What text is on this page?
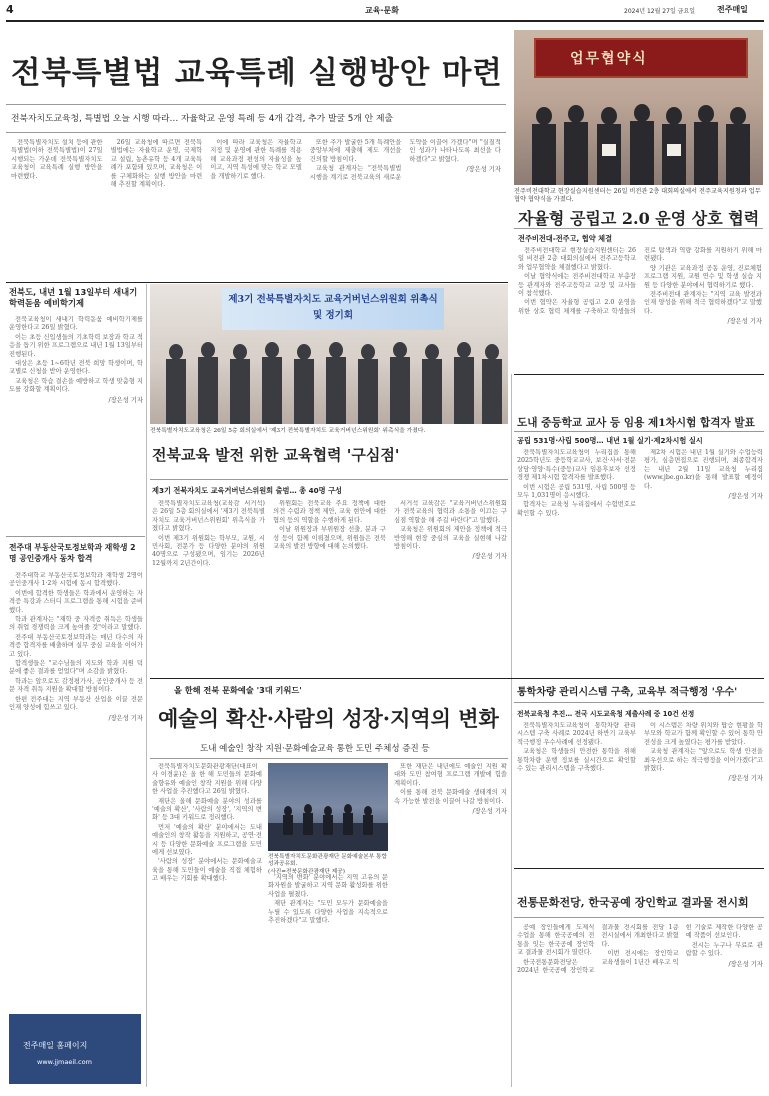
4	교육·문화	2024년 12월 27일 금요일	전주매일
전북특별법 교육특례 실행방안 마련
전북자치도교육청, 특별법 오늘 시행 따라… 자율학교 운영 특례 등 4개 갑격, 추가 발굴 5개 안 제출

전북특별자치도 설치 등에 관한 특별법(이하 전북특별법)이 27일 시행되는 가운데 전북특별자치도교육청이 교육특례 실행 방안을 마련했다.

26일 교육청에 따르면 전북특별법에는 자율학교 운영, 국제학교 설립, 농촌유학 등 4개 교육특례가 포함돼 있으며, 교육청은 이를 구체화하는 실행 방안을 마련해 추진할 계획이다.

이에 따라 교육청은 자율학교 지정 및 운영에 관한 특례를 적용해 교육과정 편성의 자율성을 높이고, 지역 특성에 맞는 학교 모델을 개발하기로 했다.

또한 추가 발굴한 5개 특례안을 중앙부처에 제출해 제도 개선을 건의할 방침이다.

교육청 관계자는 "전북특별법 시행을 계기로 전북교육의 새로운 도약을 이끌어 가겠다"며 "실질적인 성과가 나타나도록 최선을 다하겠다"고 밝혔다.

/장은성 기자
업무협약식
전주비전대학교 현장실습지원센터는 26일 비전관 2층 대회의실에서 전주교육지원청과 업무협약 협약식을 가졌다.
자율형 공립고 2.0 운영 상호 협력
전주비전대-전주고, 협약 체결

전주비전대학교 현장실습지원센터는 26일 비전관 2층 대회의실에서 전주고등학교와 업무협약을 체결했다고 밝혔다.

이날 협약식에는 전주비전대학교 부총장 등 관계자와 전주고등학교 교장 및 교사들이 참석했다.

이번 협약은 자율형 공립고 2.0 운영을 위한 상호 협력 체계를 구축하고 학생들의 진로 탐색과 역량 강화를 지원하기 위해 마련됐다.

양 기관은 교육과정 공동 운영, 진로체험 프로그램 지원, 교원 연수 및 학생 실습 지원 등 다양한 분야에서 협력하기로 했다.

전주비전대 관계자는 "지역 교육 발전과 인재 양성을 위해 적극 협력하겠다"고 말했다.

/장은성 기자
전북도, 내년 1월 13일부터 새내기 학력돋움 예비학기제

전북교육청이 새내기 학력돋움 예비학기제를 운영한다고 26일 밝혔다.

이는 초등 신입생들의 기초학력 보장과 학교 적응을 돕기 위한 프로그램으로 내년 1월 13일부터 진행된다.

대상은 초등 1~6학년 전북 희망 학생이며, 학교별로 신청을 받아 운영한다.

교육청은 학습 결손을 예방하고 학생 맞춤형 지도를 강화할 계획이다.

/장은성 기자
전주대 부동산국토정보학과 재학생 2명 공인중개사 동차 합격

전주대학교 부동산국토정보학과 재학생 2명이 공인중개사 1·2차 시험에 동시 합격했다.

이번에 합격한 학생들은 학과에서 운영하는 자격증 특강과 스터디 프로그램을 통해 시험을 준비했다.

학과 관계자는 "재학 중 자격증 취득은 학생들의 취업 경쟁력을 크게 높여줄 것"이라고 말했다.

전주대 부동산국토정보학과는 매년 다수의 자격증 합격자를 배출하며 실무 중심 교육을 이어가고 있다.

합격생들은 "교수님들의 지도와 학과 지원 덕분에 좋은 결과를 얻었다"며 소감을 밝혔다.

학과는 앞으로도 감정평가사, 공인중개사 등 전문 자격 취득 지원을 확대할 방침이다.

한편 전주대는 지역 부동산 산업을 이끌 전문 인재 양성에 힘쓰고 있다.

/장은성 기자
전주매일 홈페이지
www.jjmaeil.com
제3기 전북특별자치도 교육거버넌스위원회 위촉식 및 정기회
전북특별자치도교육청은 26일 5층 회의실에서 '제3기 전북특별자치도 교육거버넌스위원회' 위촉식을 가졌다.
전북교육 발전 위한 교육협력 '구심점'
제3기 전북자치도 교육거버넌스위원회 출범… 총 40명 구성

전북특별자치도교육청(교육감 서거석)은 26일 5층 회의실에서 '제3기 전북특별자치도 교육거버넌스위원회' 위촉식을 가졌다고 밝혔다.

이번 제3기 위원회는 학부모, 교원, 시민사회, 전문가 등 다양한 분야의 위원 40명으로 구성됐으며, 임기는 2026년 12월까지 2년간이다.

위원회는 전북교육 주요 정책에 대한 의견 수렴과 정책 제안, 교육 현안에 대한 협의 등의 역할을 수행하게 된다.

이날 위원장과 부위원장 선출, 분과 구성 등이 함께 이뤄졌으며, 위원들은 전북교육의 발전 방향에 대해 논의했다.

서거석 교육감은 "교육거버넌스위원회가 전북교육의 협력과 소통을 이끄는 구심점 역할을 해 주길 바란다"고 말했다.

교육청은 위원회의 제안을 정책에 적극 반영해 현장 중심의 교육을 실현해 나갈 방침이다.

/장은성 기자
도내 중등학교 교사 등 임용 제1차시험 합격자 발표
공립 531명·사립 500명… 내년 1월 실기·제2차시험 실시

전북특별자치도교육청이 누리집을 통해 2025학년도 중등학교교사, 보건·사서·전문상담·영양·특수(중등)교사 임용후보자 선정경쟁 제1차시험 합격자를 발표했다.

이번 시험은 공립 531명, 사립 500명 등 모두 1,031명이 응시했다.

합격자는 교육청 누리집에서 수험번호로 확인할 수 있다.

제2차 시험은 내년 1월 실기와 수업능력 평가, 심층면접으로 진행되며, 최종합격자는 내년 2월 11일 교육청 누리집(www.jbe.go.kr)을 통해 발표할 예정이다.

/장은성 기자
올 한해 전북 문화예술 '3대 키워드'
예술의 확산·사람의 성장·지역의 변화
도내 예술인 창작 지원·문화예술교육 통한 도민 주체성 증진 등

전북특별자치도문화관광재단(대표이사 이경윤)은 올 한 해 도민들의 문화예술향유와 예술인 창작 지원을 위해 다양한 사업을 추진했다고 26일 밝혔다.

재단은 올해 문화예술 분야의 성과를 '예술의 확산', '사람의 성장', '지역의 변화' 등 3대 키워드로 정리했다.

먼저 '예술의 확산' 분야에서는 도내 예술인의 창작 활동을 지원하고, 공연·전시 등 다양한 문화예술 프로그램을 도민에게 선보였다.

'사람의 성장' 분야에서는 문화예술교육을 통해 도민들이 예술을 직접 체험하고 배우는 기회를 확대했다.

전북특별자치도문화관광재단 문화예술본부 통합 성과공유회.
(사진=전북문화관광재단 제공)

'지역의 변화' 분야에서는 지역 고유의 문화자원을 발굴하고 지역 문화 활성화를 위한 사업을 펼쳤다.

재단 관계자는 "도민 모두가 문화예술을 누릴 수 있도록 다양한 사업을 지속적으로 추진하겠다"고 말했다.

또한 재단은 내년에도 예술인 지원 확대와 도민 참여형 프로그램 개발에 힘쓸 계획이다.

이를 통해 전북 문화예술 생태계의 지속 가능한 발전을 이끌어 나갈 방침이다.

/장은성 기자
통학차량 관리시스템 구축, 교육부 적극행정 '우수'
전북교육청 추진… 전국 시도교육청 제출사례 중 10건 선정

전북특별자치도교육청이 통학차량 관리시스템 구축 사례로 2024년 하반기 교육부 적극행정 우수사례에 선정됐다.

교육청은 학생들의 안전한 통학을 위해 통학차량 운행 정보를 실시간으로 확인할 수 있는 관리시스템을 구축했다.

이 시스템은 차량 위치와 탑승 현황을 학부모와 학교가 함께 확인할 수 있어 통학 안전성을 크게 높였다는 평가를 받았다.

교육청 관계자는 "앞으로도 학생 안전을 최우선으로 하는 적극행정을 이어가겠다"고 밝혔다.

/장은성 기자
전통문화전당, 한국공예 장인학교 결과물 전시회

공예 장인들에게 도제식 수업을 통해 한국공예의 전통을 잇는 한국공예 장인학교 결과물 전시회가 열린다.

한국전통문화전당은 2024년 한국공예 장인학교 결과물 전시회를 전당 1층 전시실에서 개최한다고 밝혔다.

이번 전시에는 장인학교 교육생들이 1년간 배우고 익힌 기술로 제작한 다양한 공예 작품이 선보인다.

전시는 누구나 무료로 관람할 수 있다.

/장은성 기자
